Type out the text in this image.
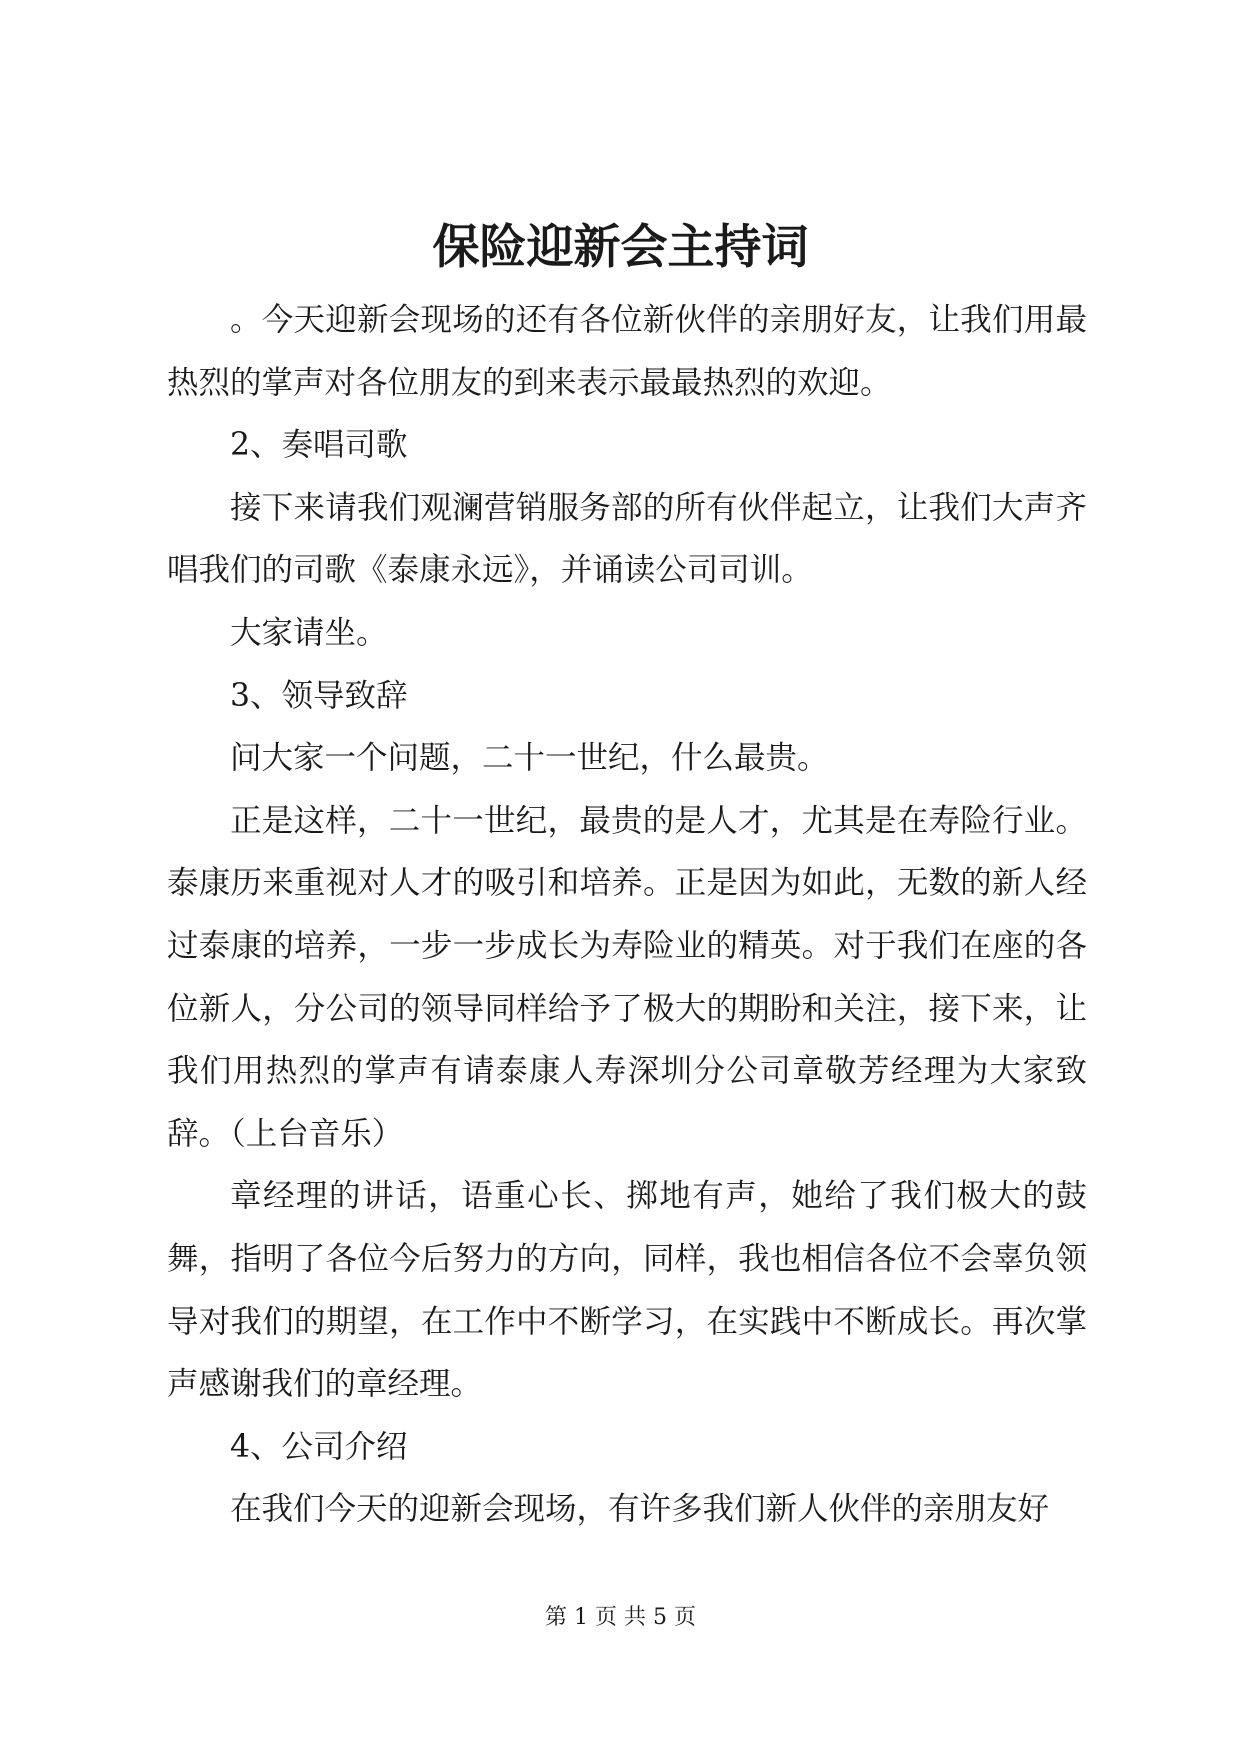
保险迎新会主持词

。今天迎新会现场的还有各位新伙伴的亲朋好友，让我们用最热烈的掌声对各位朋友的到来表示最最热烈的欢迎。

2、奏唱司歌

接下来请我们观澜营销服务部的所有伙伴起立，让我们大声齐唱我们的司歌《泰康永远》，并诵读公司司训。

大家请坐。

3、领导致辞

问大家一个问题，二十一世纪，什么最贵。

正是这样，二十一世纪，最贵的是人才，尤其是在寿险行业。泰康历来重视对人才的吸引和培养。正是因为如此，无数的新人经过泰康的培养，一步一步成长为寿险业的精英。对于我们在座的各位新人，分公司的领导同样给予了极大的期盼和关注，接下来，让我们用热烈的掌声有请泰康人寿深圳分公司章敬芳经理为大家致辞。（上台音乐）

章经理的讲话，语重心长、掷地有声，她给了我们极大的鼓舞，指明了各位今后努力的方向，同样，我也相信各位不会辜负领导对我们的期望，在工作中不断学习，在实践中不断成长。再次掌声感谢我们的章经理。

4、公司介绍

在我们今天的迎新会现场，有许多我们新人伙伴的亲朋友好

第 1 页 共 5 页
